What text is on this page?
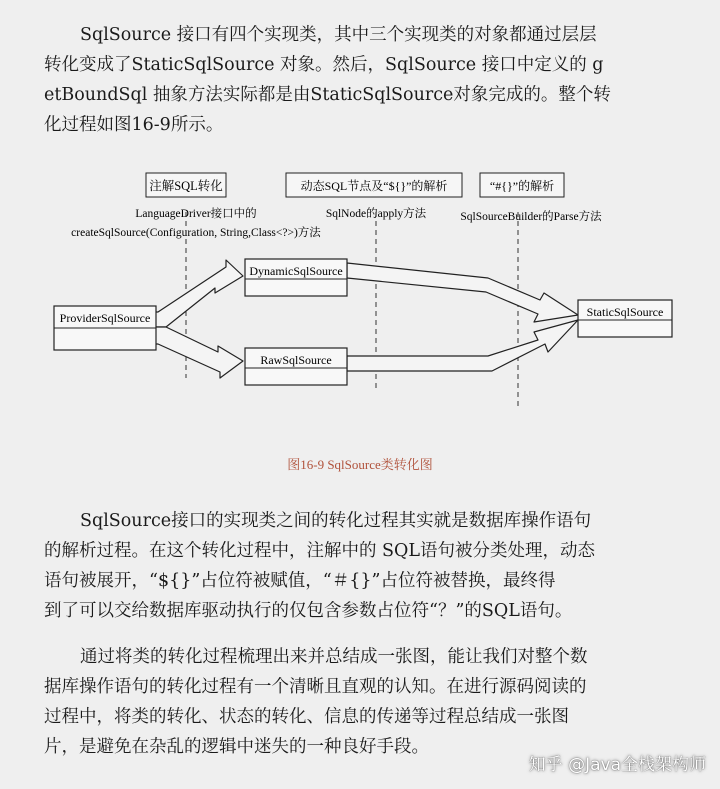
SqlSource 接口有四个实现类，其中三个实现类的对象都通过层层
转化变成了StaticSqlSource 对象。然后，SqlSource 接口中定义的 g
etBoundSql 抽象方法实际都是由StaticSqlSource对象完成的。整个转
化过程如图16-9所示。
注解SQL转化	动态SQL节点及“${}”的解析	“#{}”的解析
LanguageDriver接口中的
createSqlSource(Configuration, String,Class<?>)方法
SqlNode的apply方法	SqlSourceBuilder的Parse方法
ProviderSqlSource
DynamicSqlSource
RawSqlSource
StaticSqlSource
图16-9 SqlSource类转化图
SqlSource接口的实现类之间的转化过程其实就是数据库操作语句
的解析过程。在这个转化过程中，注解中的 SQL语句被分类处理，动态
语句被展开，“${}”占位符被赋值，“＃{}”占位符被替换，最终得
到了可以交给数据库驱动执行的仅包含参数占位符“？”的SQL语句。
通过将类的转化过程梳理出来并总结成一张图，能让我们对整个数
据库操作语句的转化过程有一个清晰且直观的认知。在进行源码阅读的
过程中，将类的转化、状态的转化、信息的传递等过程总结成一张图
片，是避免在杂乱的逻辑中迷失的一种良好手段。
知乎 @Java全栈架构师
